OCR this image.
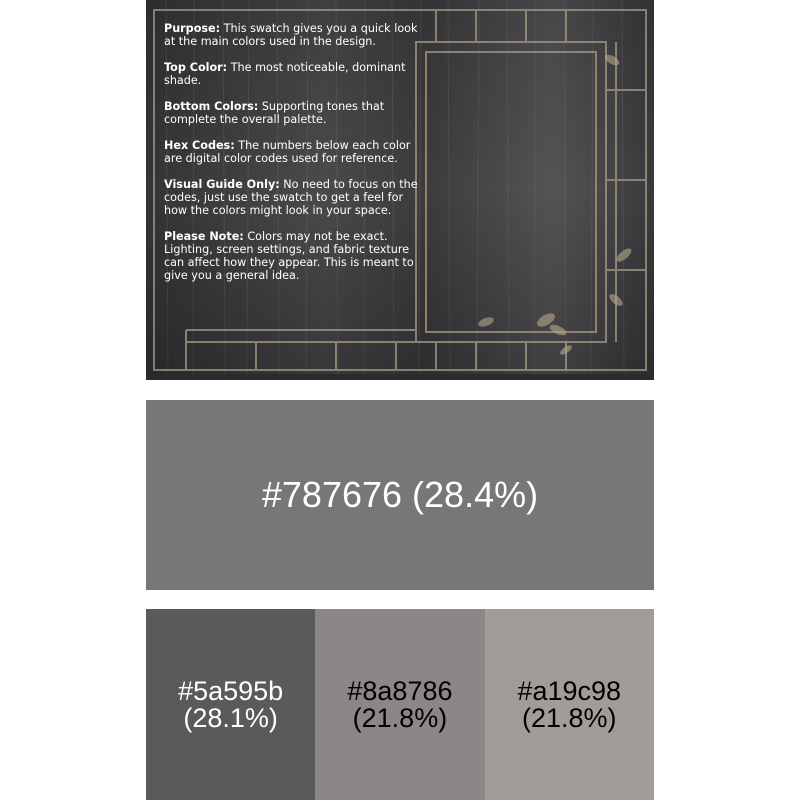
Purpose: This swatch gives you a quick look at the main colors used in the design.

Top Color: The most noticeable, dominant shade.

Bottom Colors: Supporting tones that complete the overall palette.

Hex Codes: The numbers below each color are digital color codes used for reference.

Visual Guide Only: No need to focus on the codes, just use the swatch to get a feel for how the colors might look in your space.

Please Note: Colors may not be exact. Lighting, screen settings, and fabric texture can affect how they appear. This is meant to give you a general idea.

#787676 (28.4%)
#5a595b
(28.1%)
#8a8786
(21.8%)
#a19c98
(21.8%)
